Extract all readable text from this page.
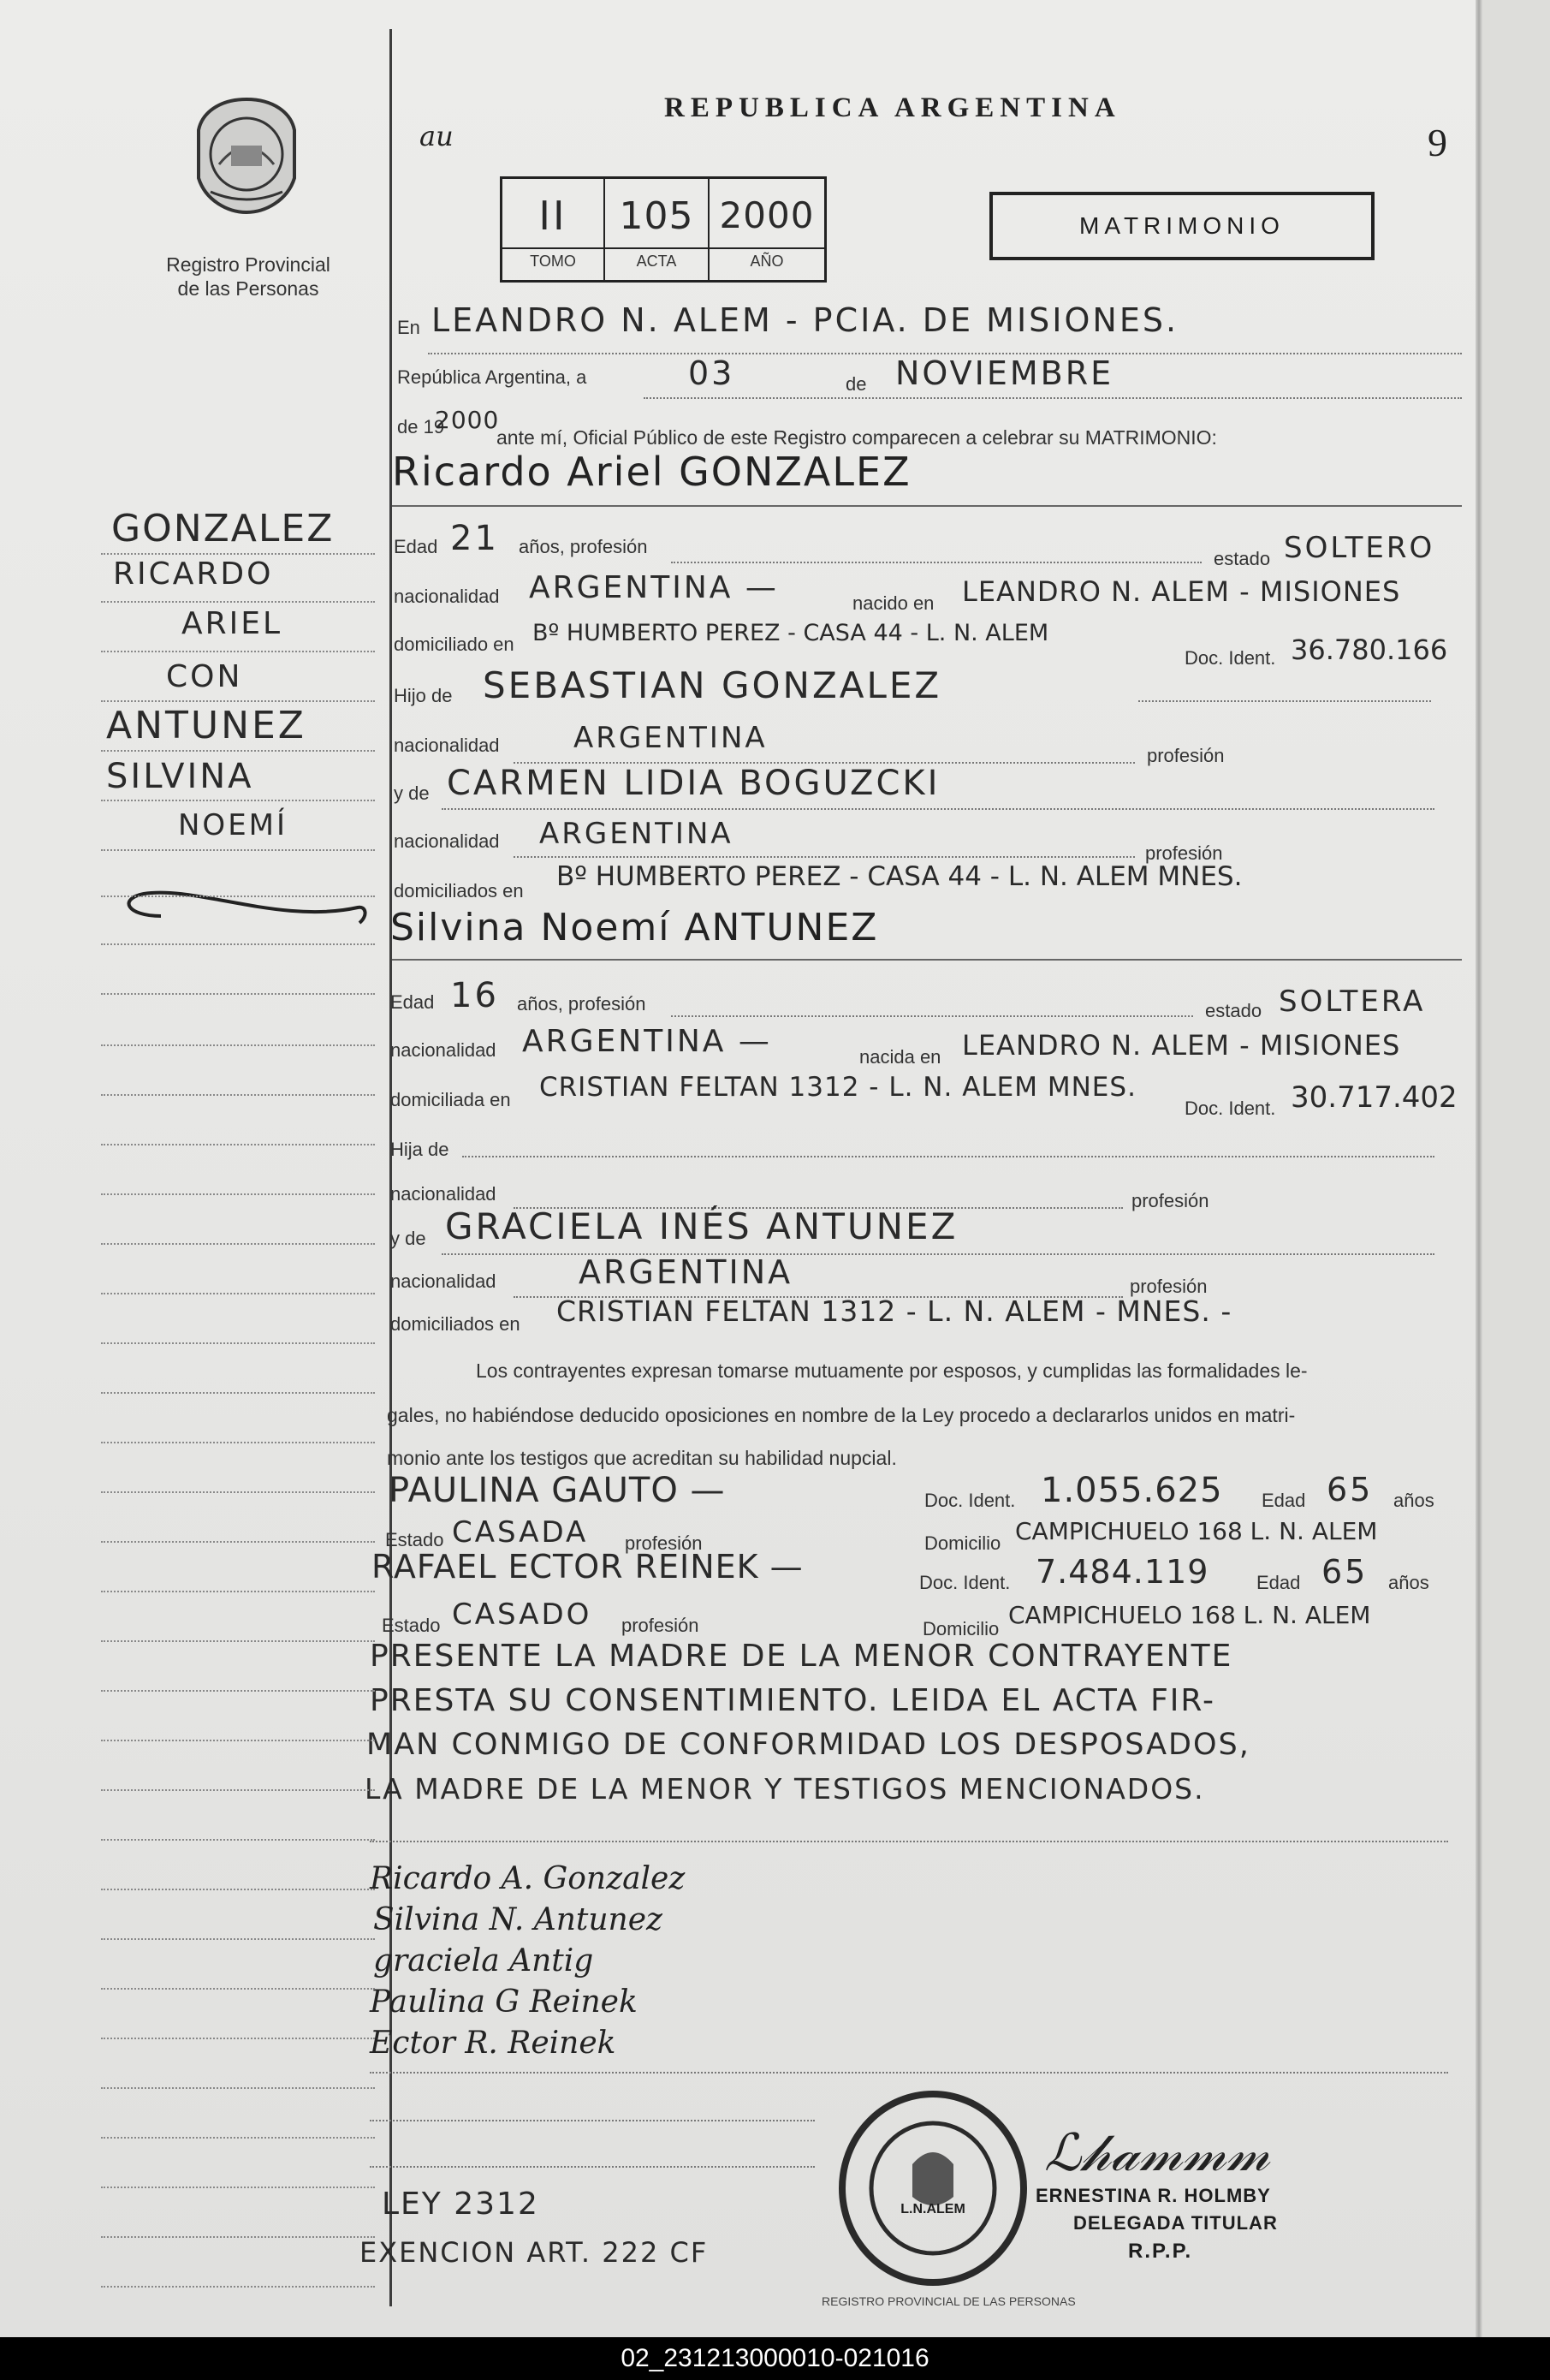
Registro Provincial
de las Personas
REPUBLICA ARGENTINA
9
au
II	105 2000
TOMO	ACTA	AÑO
MATRIMONIO
En LEANDRO N. ALEM - PCIA. DE MISIONES.
República Argentina, a	03	de NOVIEMBRE
de 19
2000
ante mí, Oficial Público de este Registro comparecen a celebrar su MATRIMONIO:
Ricardo Ariel GONZALEZ
Edad 21 años, profesión
estado SOLTERO
nacionalidad ARGENTINA —	nacido en LEANDRO N. ALEM - MISIONES
domiciliado en Bº HUMBERTO PEREZ - CASA 44 - L. N. ALEM
Doc. Ident. 36.780.166
Hijo de SEBASTIAN GONZALEZ
nacionalidad	ARGENTINA
profesión
y de CARMEN LIDIA BOGUZCKI
nacionalidad ARGENTINA
profesión
domiciliados en Bº HUMBERTO PEREZ - CASA 44 - L. N. ALEM MNES.
Silvina Noemí ANTUNEZ
Edad 16 años, profesión	estado SOLTERA
nacionalidad ARGENTINA —	nacida en LEANDRO N. ALEM - MISIONES
domiciliada en CRISTIAN FELTAN 1312 - L. N. ALEM MNES.
Doc. Ident. 30.717.402
Hija de
nacionalidad	profesión
y de GRACIELA INÉS ANTUNEZ
nacionalidad	ARGENTINA	profesión
domiciliados en CRISTIAN FELTAN 1312 - L. N. ALEM - MNES. -
Los contrayentes expresan tomarse mutuamente por esposos, y cumplidas las formalidades le-
gales, no habiéndose deducido oposiciones en nombre de la Ley procedo a declararlos unidos en matri-
monio ante los testigos que acreditan su habilidad nupcial.
PAULINA GAUTO —	Doc. Ident. 1.055.625 Edad 65 años
Estado CASADA profesión	Domicilio CAMPICHUELO 168 L. N. ALEM
RAFAEL ECTOR REINEK —	Doc. Ident. 7.484.119	Edad 65 años
Estado CASADO profesión	Domicilio CAMPICHUELO 168 L. N. ALEM
PRESENTE LA MADRE DE LA MENOR CONTRAYENTE
PRESTA SU CONSENTIMIENTO. LEIDA EL ACTA FIR-
MAN CONMIGO DE CONFORMIDAD LOS DESPOSADOS,
LA MADRE DE LA MENOR Y TESTIGOS MENCIONADOS.
Ricardo A. Gonzalez
Silvina N. Antunez
graciela Antig
Paulina G Reinek
Ector R. Reinek
LEY 2312
EXENCION ART. 222 CF
L.N.ALEM
REGISTRO PROVINCIAL DE LAS PERSONAS
ℒ𝒽𝒶𝓂𝓂𝓂
ERNESTINA R. HOLMBY
DELEGADA TITULAR
R.P.P.
GONZALEZ
RICARDO
ARIEL
CON
ANTUNEZ
SILVINA
NOEMÍ
02_231213000010-021016
